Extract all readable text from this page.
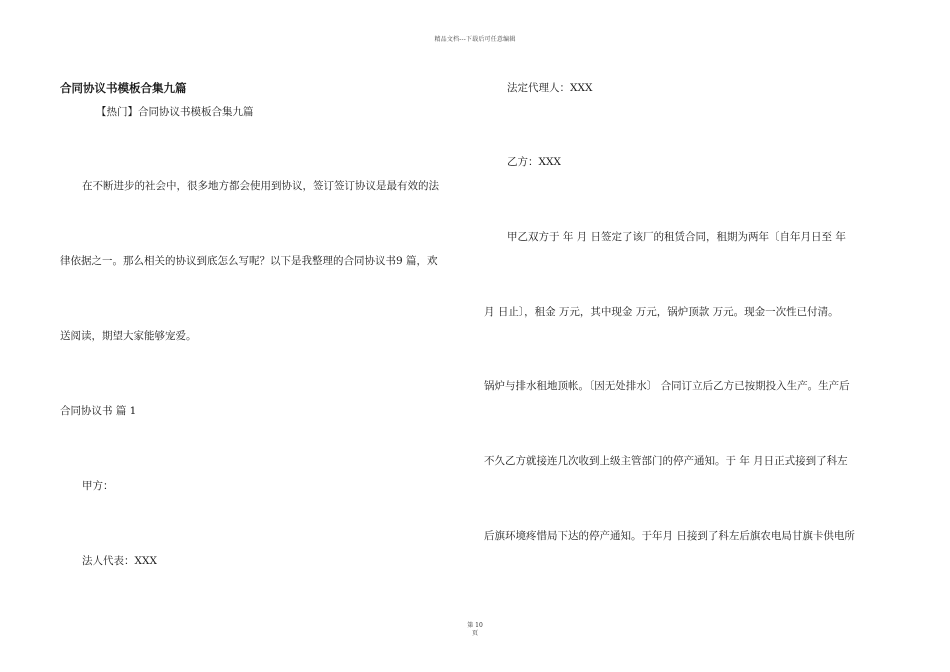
精品文档---下载后可任意编辑
合同协议书模板合集九篇
【热门】合同协议书模板合集九篇
在不断进步的社会中，很多地方都会使用到协议，签订签订协议是最有效的法
律依据之一。那么相关的协议到底怎么写呢？以下是我整理的合同协议书9 篇，欢
送阅读，期望大家能够宠爱。
合同协议书 篇 1
甲方：
法人代表：XXX
法定代理人：XXX
乙方：XXX
甲乙双方于 年 月 日签定了该厂的租赁合同，租期为两年〔自年月日至 年
月 日止〕，租金 万元，其中现金 万元，锅炉顶款 万元。现金一次性已付清。
锅炉与排水租地顶帐。〔因无处排水〕 合同订立后乙方已按期投入生产。生产后
不久乙方就接连几次收到上级主管部门的停产通知。于 年 月日正式接到了科左
后旗环境疼惜局下达的停产通知。于年月 日接到了科左后旗农电局甘旗卡供电所
第 10
页
